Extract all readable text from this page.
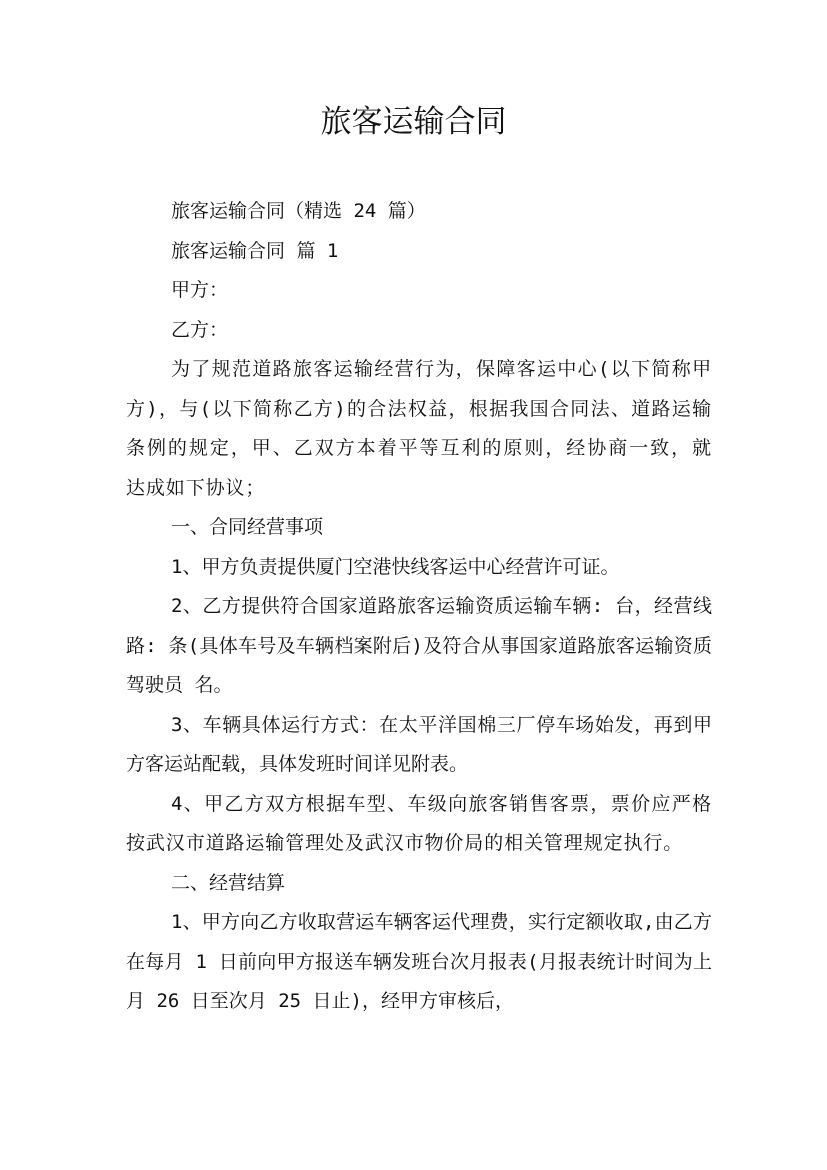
旅客运输合同

旅客运输合同（精选 24 篇）

旅客运输合同 篇 1

甲方：

乙方：

为了规范道路旅客运输经营行为，保障客运中心(以下简称甲方)，与(以下简称乙方)的合法权益，根据我国合同法、道路运输条例的规定，甲、乙双方本着平等互利的原则，经协商一致，就 达成如下协议；

一、合同经营事项

1、甲方负责提供厦门空港快线客运中心经营许可证。

2、乙方提供符合国家道路旅客运输资质运输车辆: 台，经营线路: 条(具体车号及车辆档案附后)及符合从事国家道路旅客运输资质驾驶员 名。

3、车辆具体运行方式：在太平洋国棉三厂停车场始发，再到甲方客运站配载，具体发班时间详见附表。

4、甲乙方双方根据车型、车级向旅客销售客票，票价应严格按武汉市道路运输管理处及武汉市物价局的相关管理规定执行。

二、经营结算

1、甲方向乙方收取营运车辆客运代理费，实行定额收取,由乙方在每月 1 日前向甲方报送车辆发班台次月报表(月报表统计时间为上月 26 日至次月 25 日止)，经甲方审核后，
